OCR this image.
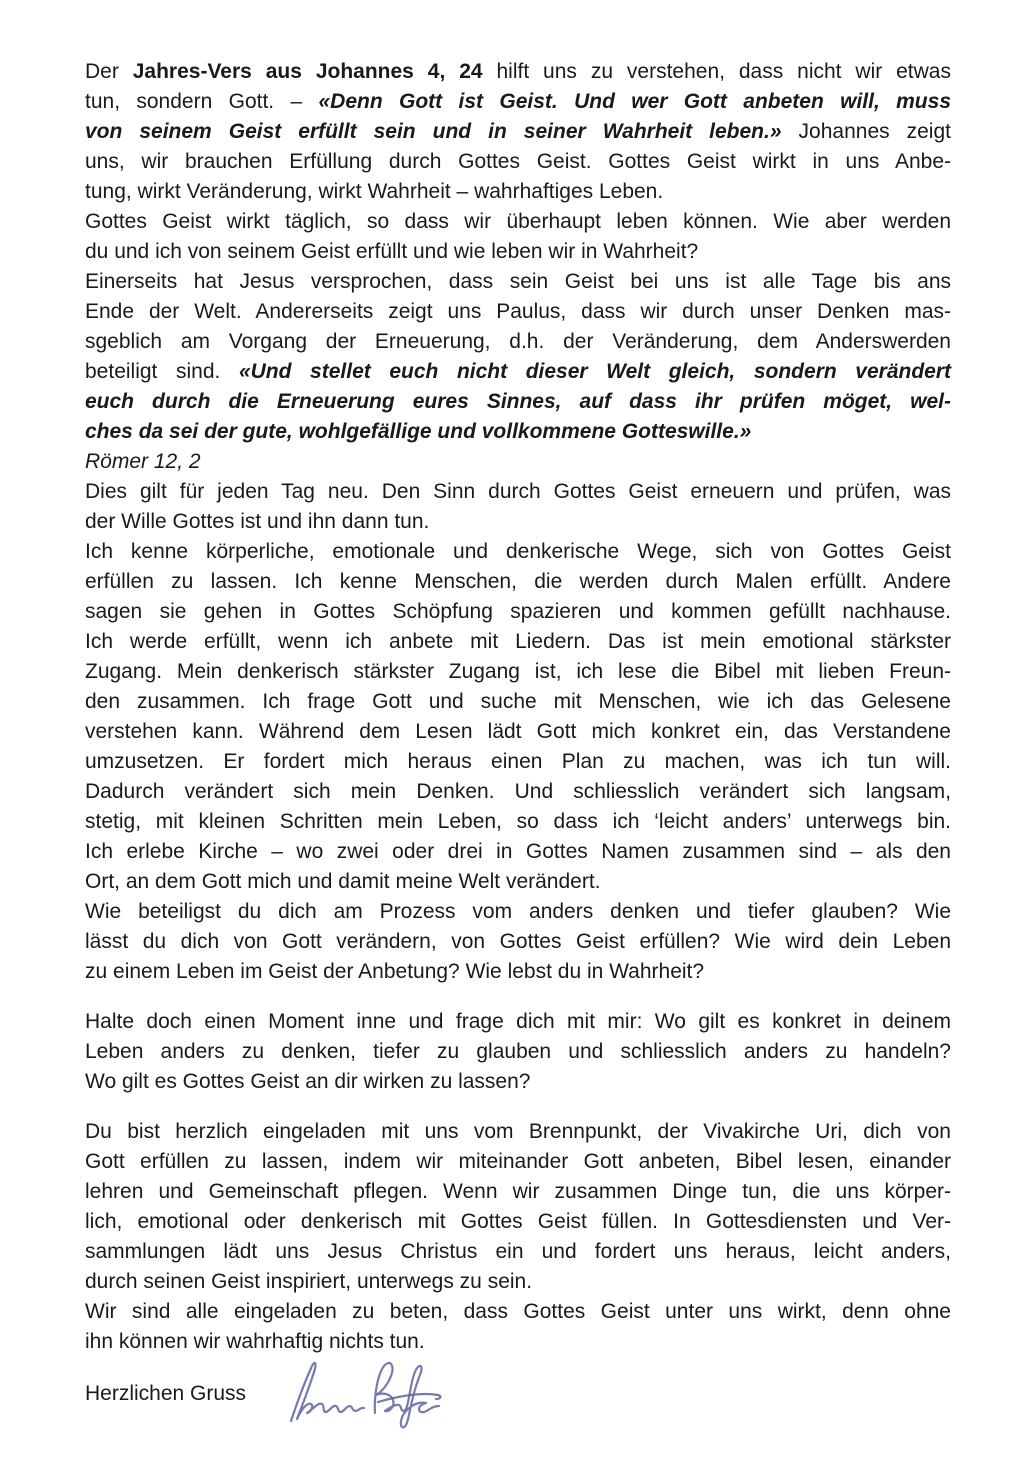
Der Jahres-Vers aus Johannes 4, 24 hilft uns zu verstehen, dass nicht wir etwas
tun, sondern Gott. – «Denn Gott ist Geist. Und wer Gott anbeten will, muss
von seinem Geist erfüllt sein und in seiner Wahrheit leben.» Johannes zeigt
uns, wir brauchen Erfüllung durch Gottes Geist. Gottes Geist wirkt in uns Anbe-
tung, wirkt Veränderung, wirkt Wahrheit – wahrhaftiges Leben.
Gottes Geist wirkt täglich, so dass wir überhaupt leben können. Wie aber werden
du und ich von seinem Geist erfüllt und wie leben wir in Wahrheit?
Einerseits hat Jesus versprochen, dass sein Geist bei uns ist alle Tage bis ans
Ende der Welt. Andererseits zeigt uns Paulus, dass wir durch unser Denken mas-
sgeblich am Vorgang der Erneuerung, d.h. der Veränderung, dem Anderswerden
beteiligt sind. «Und stellet euch nicht dieser Welt gleich, sondern verändert
euch durch die Erneuerung eures Sinnes, auf dass ihr prüfen möget, wel-
ches da sei der gute, wohlgefällige und vollkommene Gotteswille.»
Römer 12, 2
Dies gilt für jeden Tag neu. Den Sinn durch Gottes Geist erneuern und prüfen, was
der Wille Gottes ist und ihn dann tun.
Ich kenne körperliche, emotionale und denkerische Wege, sich von Gottes Geist
erfüllen zu lassen. Ich kenne Menschen, die werden durch Malen erfüllt. Andere
sagen sie gehen in Gottes Schöpfung spazieren und kommen gefüllt nachhause.
Ich werde erfüllt, wenn ich anbete mit Liedern. Das ist mein emotional stärkster
Zugang. Mein denkerisch stärkster Zugang ist, ich lese die Bibel mit lieben Freun-
den zusammen. Ich frage Gott und suche mit Menschen, wie ich das Gelesene
verstehen kann. Während dem Lesen lädt Gott mich konkret ein, das Verstandene
umzusetzen. Er fordert mich heraus einen Plan zu machen, was ich tun will.
Dadurch verändert sich mein Denken. Und schliesslich verändert sich langsam,
stetig, mit kleinen Schritten mein Leben, so dass ich ‘leicht anders’ unterwegs bin.
Ich erlebe Kirche – wo zwei oder drei in Gottes Namen zusammen sind – als den
Ort, an dem Gott mich und damit meine Welt verändert.
Wie beteiligst du dich am Prozess vom anders denken und tiefer glauben? Wie
lässt du dich von Gott verändern, von Gottes Geist erfüllen? Wie wird dein Leben
zu einem Leben im Geist der Anbetung? Wie lebst du in Wahrheit?
Halte doch einen Moment inne und frage dich mit mir: Wo gilt es konkret in deinem
Leben anders zu denken, tiefer zu glauben und schliesslich anders zu handeln?
Wo gilt es Gottes Geist an dir wirken zu lassen?
Du bist herzlich eingeladen mit uns vom Brennpunkt, der Vivakirche Uri, dich von
Gott erfüllen zu lassen, indem wir miteinander Gott anbeten, Bibel lesen, einander
lehren und Gemeinschaft pflegen. Wenn wir zusammen Dinge tun, die uns körper-
lich, emotional oder denkerisch mit Gottes Geist füllen. In Gottesdiensten und Ver-
sammlungen lädt uns Jesus Christus ein und fordert uns heraus, leicht anders,
durch seinen Geist inspiriert, unterwegs zu sein.
Wir sind alle eingeladen zu beten, dass Gottes Geist unter uns wirkt, denn ohne
ihn können wir wahrhaftig nichts tun.
Herzlichen Gruss
